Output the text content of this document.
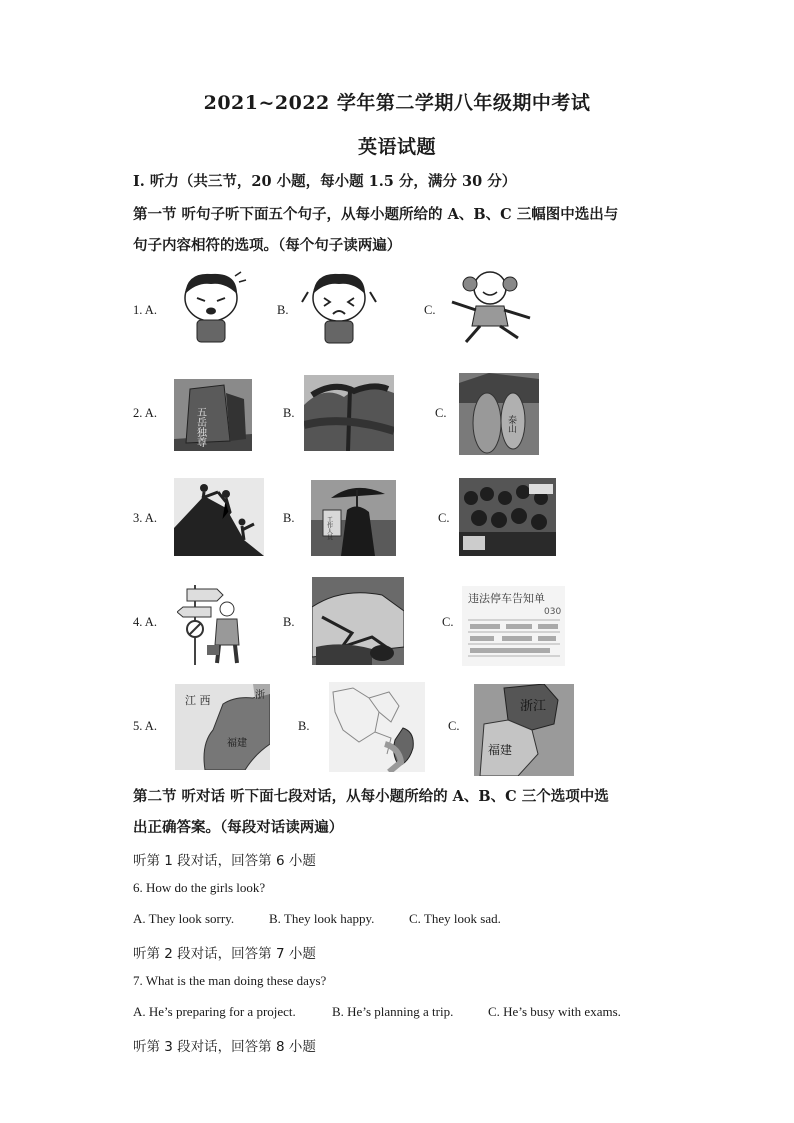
2021~2022 学年第二学期八年级期中考试
英语试题
I. 听力（共三节，20 小题，每小题 1.5 分，满分 30 分）
第一节 听句子听下面五个句子，从每小题所给的 A、B、C 三幅图中选出与
句子内容相符的选项。（每个句子读两遍）
1. A.	B.	C.
2. A.	五岳独尊	B.	C.
泰山
3. A.	B.	工作人员	C.
4. A.	B.	C.
违法停车告知单
030
5. A.
江 西	浙
福建
B.	C.
浙江
福建
第二节 听对话 听下面七段对话，从每小题所给的 A、B、C 三个选项中选
出正确答案。（每段对话读两遍）
听第 1 段对话，回答第 6 小题
6. How do the girls look?
A. They look sorry.	B. They look happy.	C. They look sad.
听第 2 段对话，回答第 7 小题
7. What is the man doing these days?
A. He’s preparing for a project.	B. He’s planning a trip.	C. He’s busy with exams.
听第 3 段对话，回答第 8 小题
